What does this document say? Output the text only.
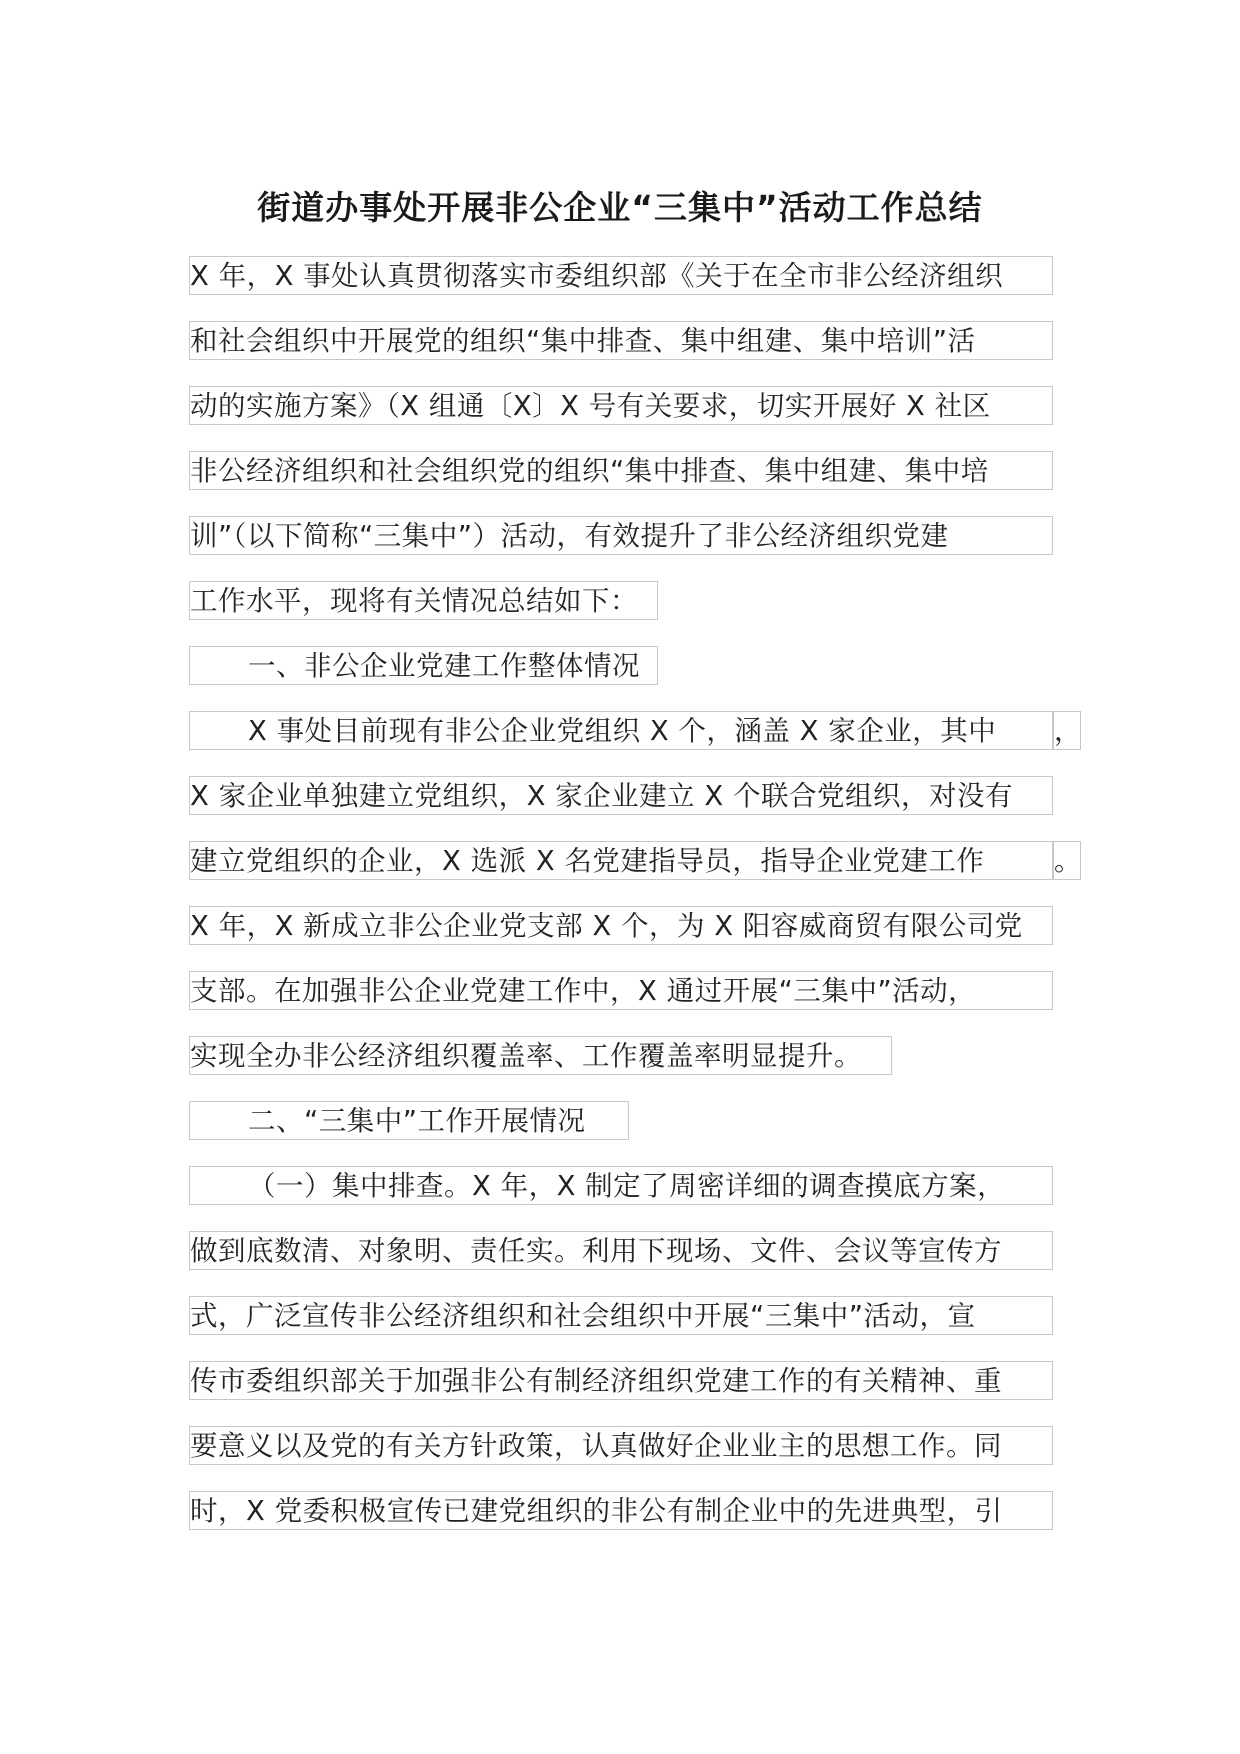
街道办事处开展非公企业“三集中”活动工作总结
X 年，X 事处认真贯彻落实市委组织部《关于在全市非公经济组织
和社会组织中开展党的组织“集中排查、集中组建、集中培训”活
动的实施方案》（X 组通〔X〕X 号有关要求，切实开展好 X 社区
非公经济组织和社会组织党的组织“集中排查、集中组建、集中培
训”（以下简称“三集中”）活动，有效提升了非公经济组织党建
工作水平，现将有关情况总结如下：
一、非公企业党建工作整体情况
X 事处目前现有非公企业党组织 X 个，涵盖 X 家企业，其中	，
X 家企业单独建立党组织，X 家企业建立 X 个联合党组织，对没有
建立党组织的企业，X 选派 X 名党建指导员，指导企业党建工作	。
X 年，X 新成立非公企业党支部 X 个，为 X 阳容威商贸有限公司党
支部。在加强非公企业党建工作中，X 通过开展“三集中”活动，
实现全办非公经济组织覆盖率、工作覆盖率明显提升。
二、“三集中”工作开展情况
（一）集中排查。X 年，X 制定了周密详细的调查摸底方案，
做到底数清、对象明、责任实。利用下现场、文件、会议等宣传方
式，广泛宣传非公经济组织和社会组织中开展“三集中”活动，宣
传市委组织部关于加强非公有制经济组织党建工作的有关精神、重
要意义以及党的有关方针政策，认真做好企业业主的思想工作。同
时，X 党委积极宣传已建党组织的非公有制企业中的先进典型，引
